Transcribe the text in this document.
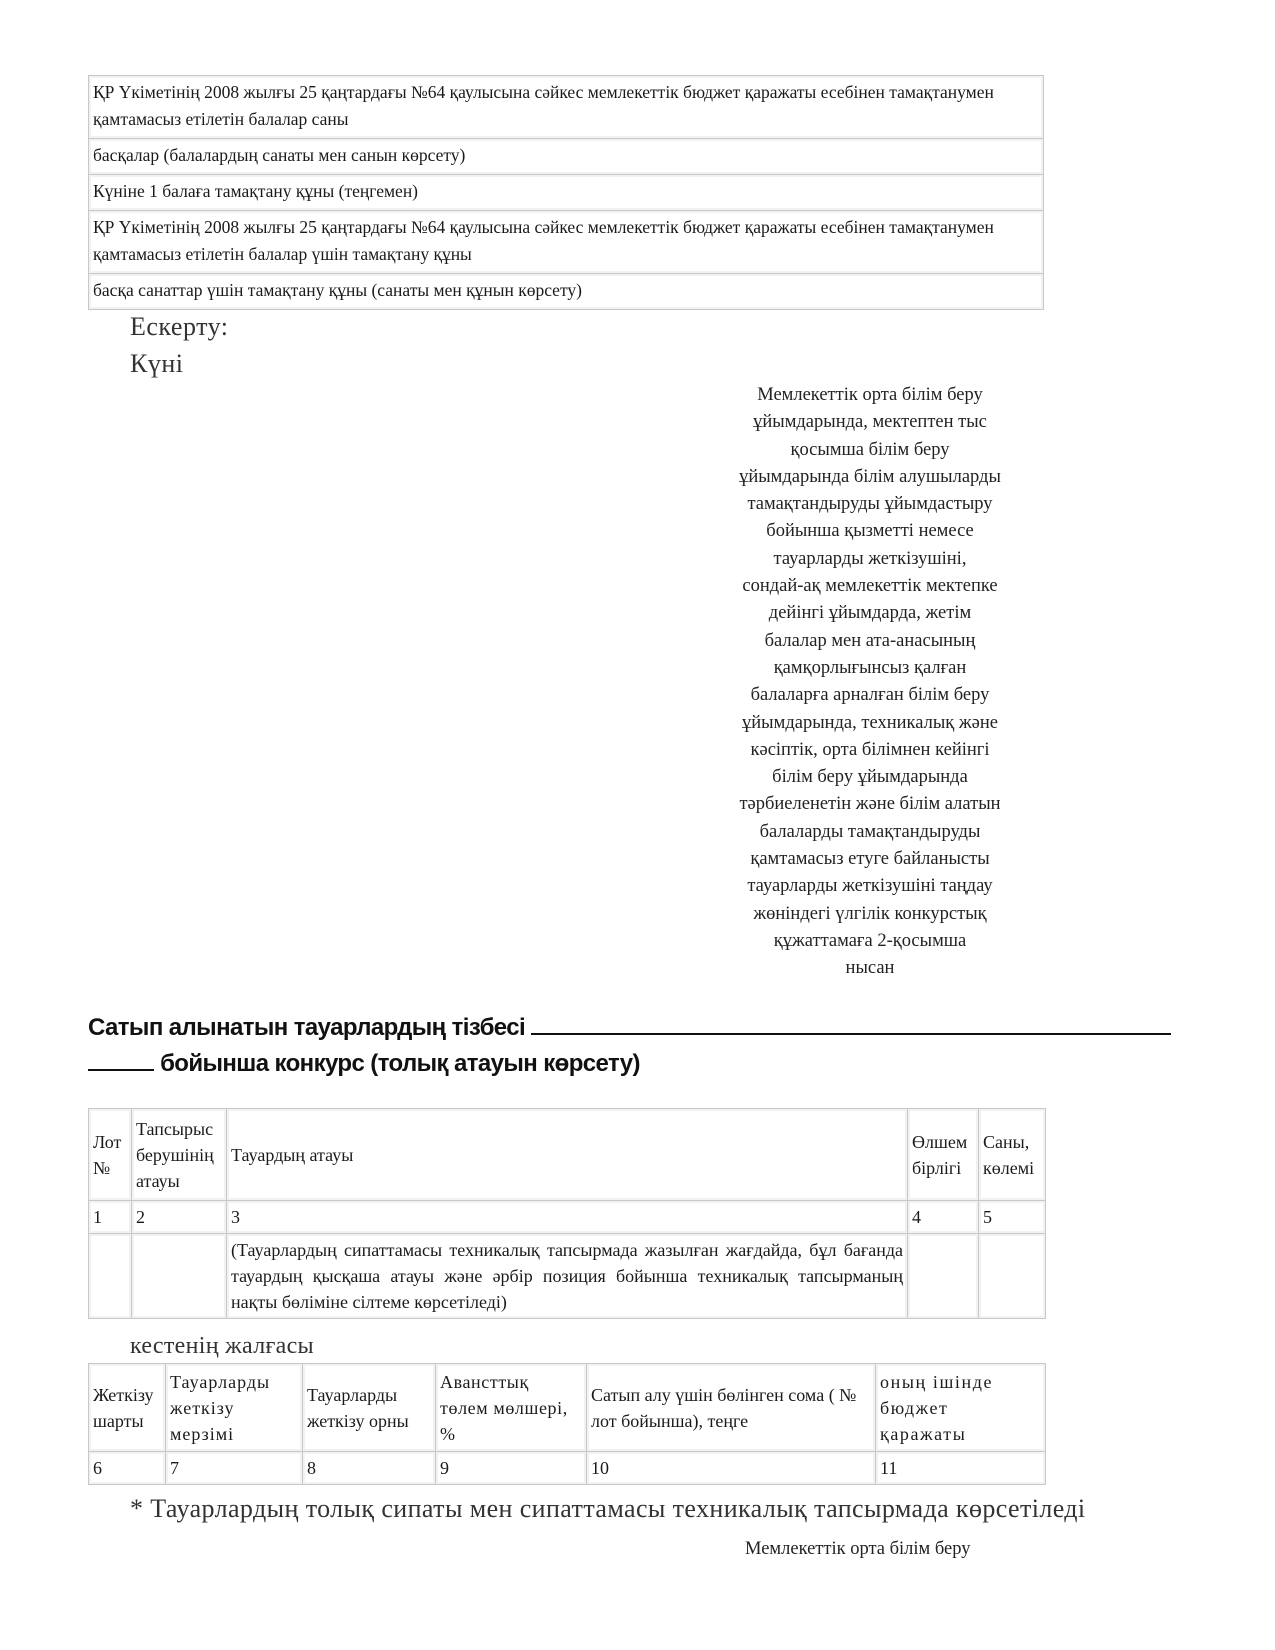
ҚР Үкіметінің 2008 жылғы 25 қаңтардағы №64 қаулысына сәйкес мемлекеттік бюджет қаражаты есебінен тамақтанумен қамтамасыз етілетін балалар саны
басқалар (балалардың санаты мен санын көрсету)
Күніне 1 балаға тамақтану құны (теңгемен)
ҚР Үкіметінің 2008 жылғы 25 қаңтардағы №64 қаулысына сәйкес мемлекеттік бюджет қаражаты есебінен тамақтанумен қамтамасыз етілетін балалар үшін тамақтану құны
басқа санаттар үшін тамақтану құны (санаты мен құнын көрсету)
Ескерту:
Күні
Мемлекеттік орта білім беру
ұйымдарында, мектептен тыс
қосымша білім беру
ұйымдарында білім алушыларды
тамақтандыруды ұйымдастыру
бойынша қызметті немесе
тауарларды жеткізушіні,
сондай-ақ мемлекеттік мектепке
дейінгі ұйымдарда, жетім
балалар мен ата-анасының
қамқорлығынсыз қалған
балаларға арналған білім беру
ұйымдарында, техникалық және
кәсіптік, орта білімнен кейінгі
білім беру ұйымдарында
тәрбиеленетін және білім алатын
балаларды тамақтандыруды
қамтамасыз етуге байланысты
тауарларды жеткізушіні таңдау
жөніндегі үлгілік конкурстық
құжаттамаға 2-қосымша
нысан
Сатып алынатын тауарлардың тізбесі
бойынша конкурс (толық атауын көрсету)
Лот №	Тапсырыс берушінің атауы	Тауардың атауы	Өлшем бірлігі	Саны, көлемі
1	2	3	4	5
		(Тауарлардың сипаттамасы техникалық тапсырмада жазылған жағдайда, бұл бағанда тауардың қысқаша атауы және әрбір позиция бойынша техникалық тапсырманың нақты бөліміне сілтеме көрсетіледі)		
кестенің жалғасы
Жеткізу шарты	Тауарларды жеткізу мерзімі	Тауарларды жеткізу орны	Авансттық төлем мөлшері, %	Сатып алу үшін бөлінген сома ( № лот бойынша), теңге	оның ішінде бюджет қаражаты
6	7	8	9	10	11
* Тауарлардың толық сипаты мен сипаттамасы техникалық тапсырмада көрсетіледі
Мемлекеттік орта білім беру
